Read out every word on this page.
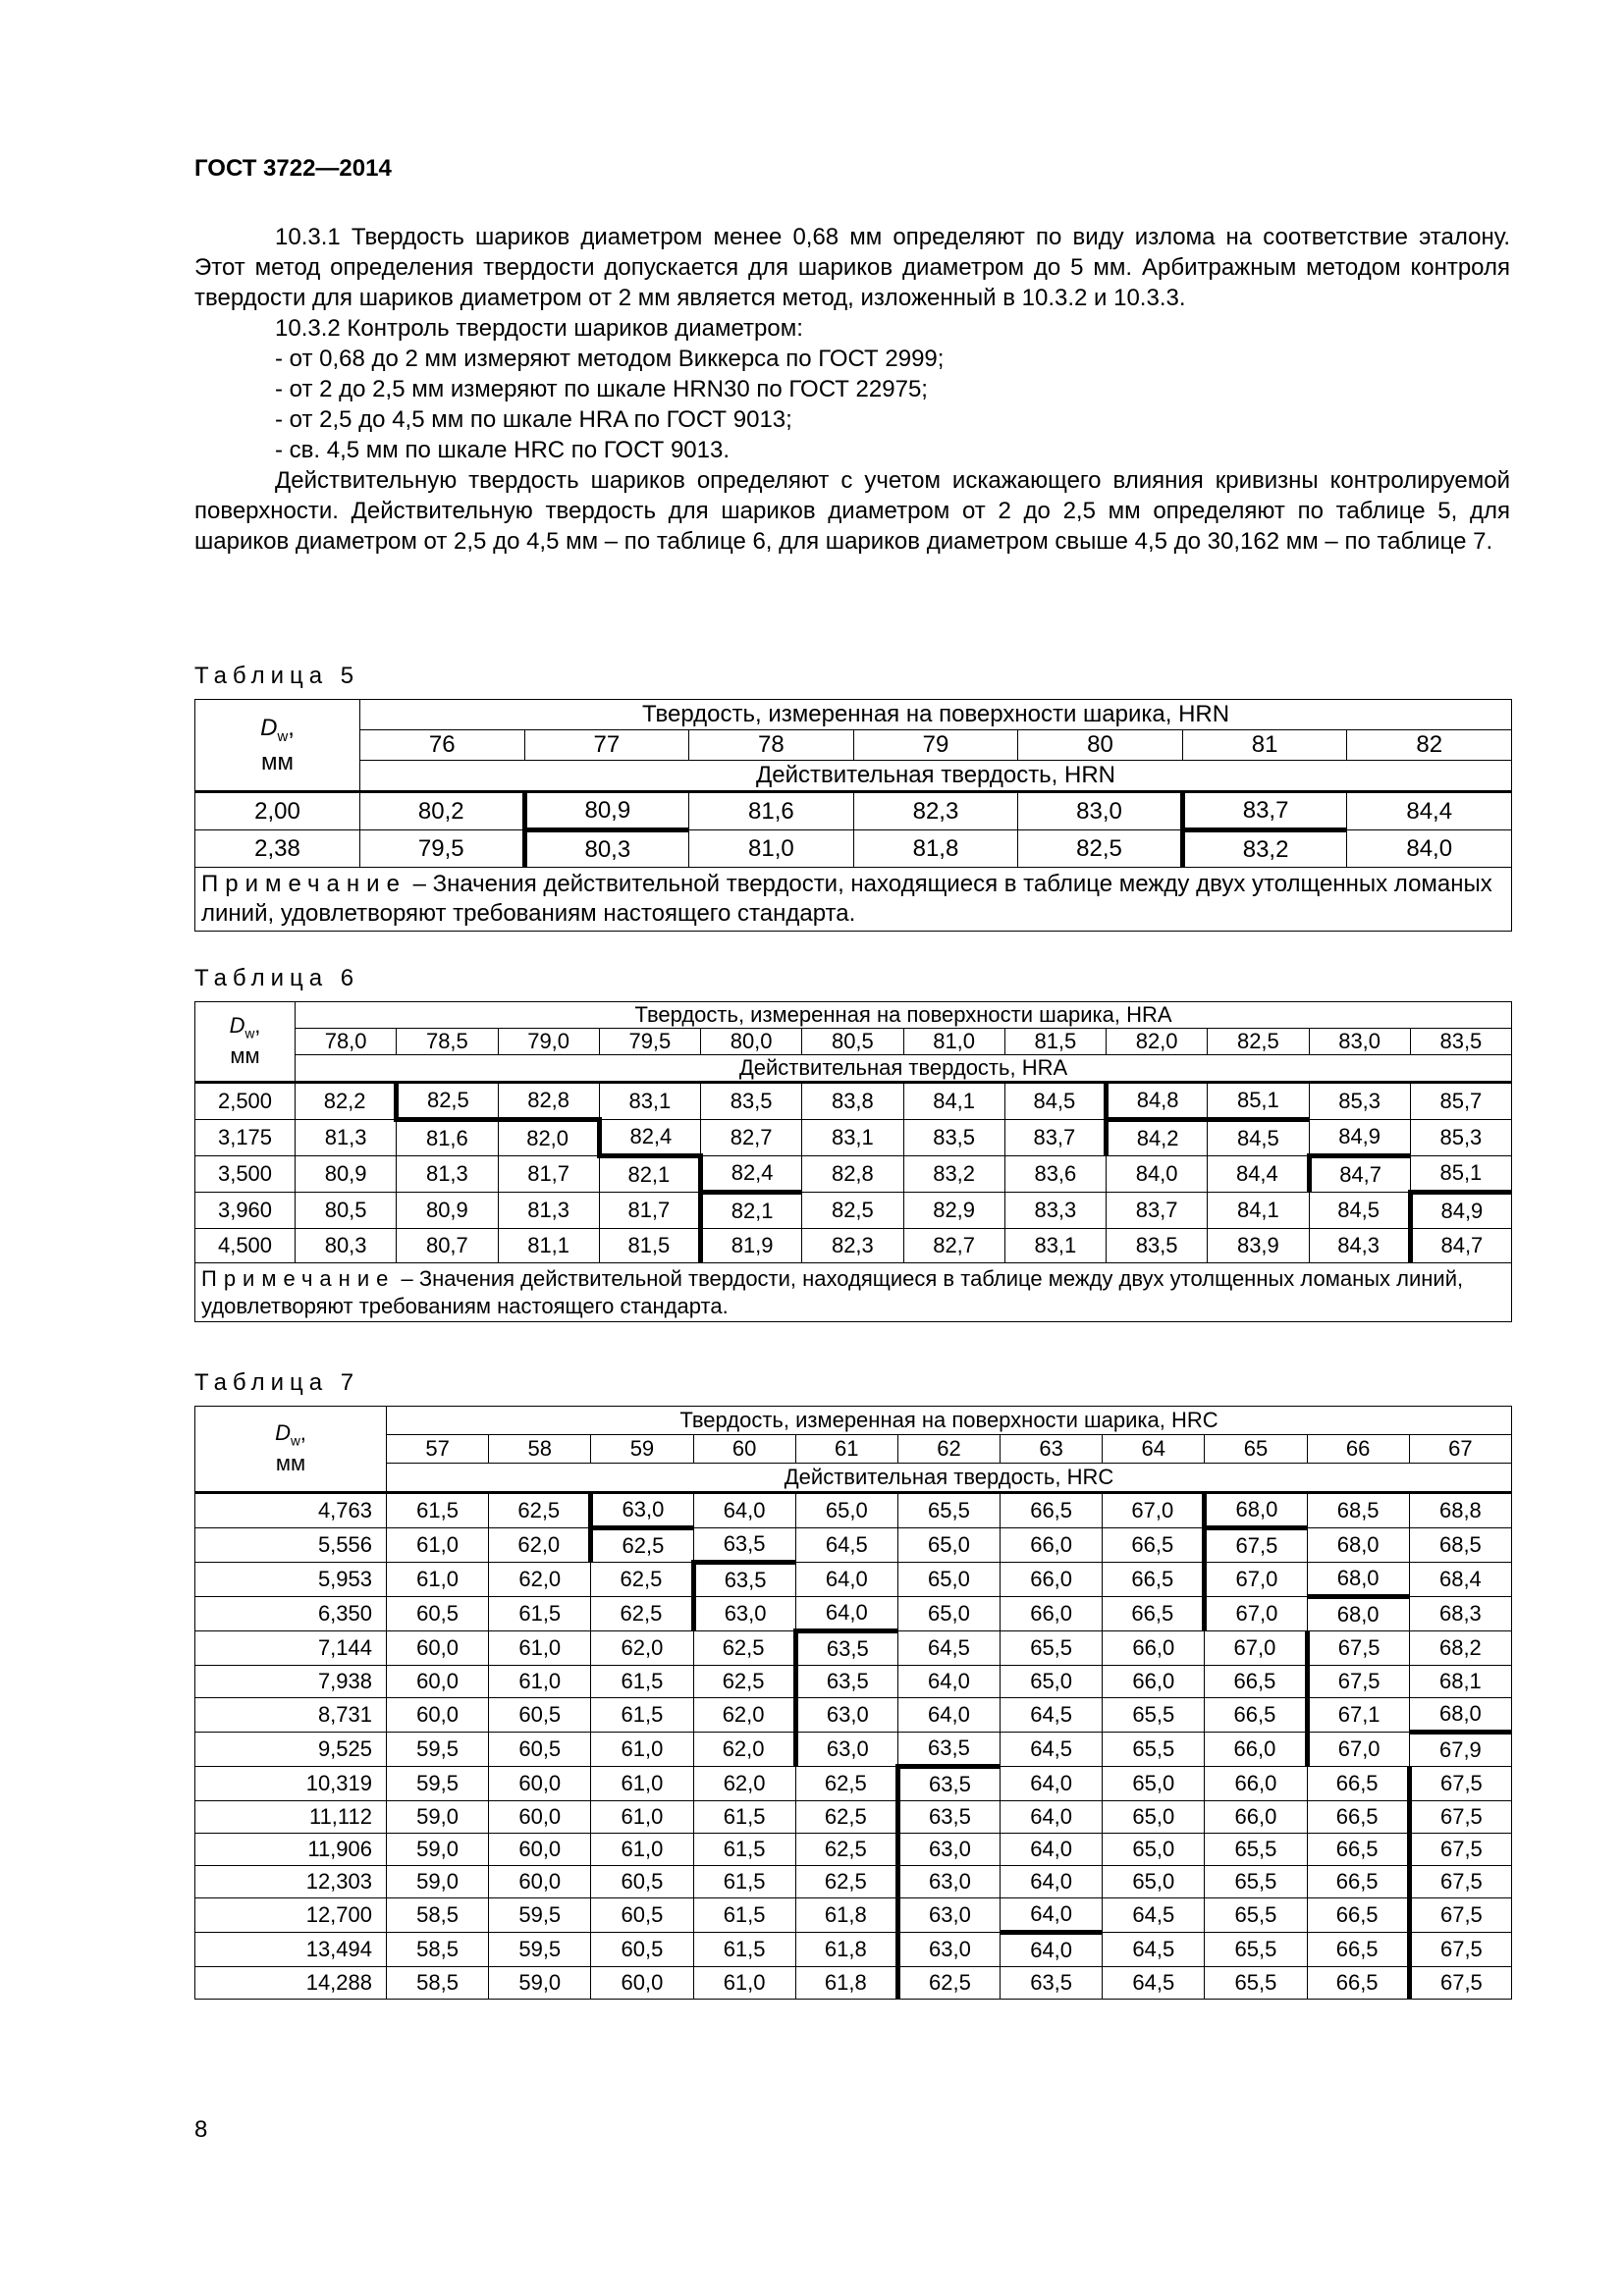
ГОСТ 3722—2014

10.3.1 Твердость шариков диаметром менее 0,68 мм определяют по виду излома на соответствие эталону. Этот метод определения твердости допускается для шариков диаметром до 5 мм. Арбитражным методом контроля твердости для шариков диаметром от 2 мм является метод, изложенный в 10.3.2 и 10.3.3.

10.3.2 Контроль твердости шариков диаметром:

- от 0,68 до 2 мм измеряют методом Виккерса по ГОСТ 2999;

- от 2 до 2,5 мм измеряют по шкале HRN30 по ГОСТ 22975;

- от 2,5 до 4,5 мм по шкале HRA по ГОСТ 9013;

- св. 4,5 мм по шкале HRC по ГОСТ 9013.

Действительную твердость шариков определяют с учетом искажающего влияния кривизны контролируемой поверхности. Действительную твердость для шариков диаметром от 2 до 2,5 мм определяют по таблице 5, для шариков диаметром от 2,5 до 4,5 мм – по таблице 6, для шариков диаметром свыше 4,5 до 30,162 мм – по таблице 7.

Таблица 5
$D_w$,
мм	Твердость, измеренная на поверхности шарика, HRN						
	76	77	78	79	80	81	82
	Действительная твердость, HRN						
2,00	80,2	80,9	81,6	82,3	83,0	83,7	84,4
2,38	79,5	80,3	81,0	81,8	82,5	83,2	84,0
Примечание – Значения действительной твердости, находящиеся в таблице между двух утолщенных ломаных линий, удовлетворяют требованиям настоящего стандарта.							
Таблица 6
$D_w$,
мм	Твердость, измеренная на поверхности шарика, HRA											
	78,0	78,5	79,0	79,5	80,0	80,5	81,0	81,5	82,0	82,5	83,0	83,5
	Действительная твердость, HRA											
2,500	82,2	82,5	82,8	83,1	83,5	83,8	84,1	84,5	84,8	85,1	85,3	85,7
3,175	81,3	81,6	82,0	82,4	82,7	83,1	83,5	83,7	84,2	84,5	84,9	85,3
3,500	80,9	81,3	81,7	82,1	82,4	82,8	83,2	83,6	84,0	84,4	84,7	85,1
3,960	80,5	80,9	81,3	81,7	82,1	82,5	82,9	83,3	83,7	84,1	84,5	84,9
4,500	80,3	80,7	81,1	81,5	81,9	82,3	82,7	83,1	83,5	83,9	84,3	84,7
Примечание – Значения действительной твердости, находящиеся в таблице между двух утолщенных ломаных линий, удовлетворяют требованиям настоящего стандарта.												
Таблица 7
$D_w$,
мм	Твердость, измеренная на поверхности шарика, HRC										
	57	58	59	60	61	62	63	64	65	66	67
	Действительная твердость, HRC										
4,763	61,5	62,5	63,0	64,0	65,0	65,5	66,5	67,0	68,0	68,5	68,8
5,556	61,0	62,0	62,5	63,5	64,5	65,0	66,0	66,5	67,5	68,0	68,5
5,953	61,0	62,0	62,5	63,5	64,0	65,0	66,0	66,5	67,0	68,0	68,4
6,350	60,5	61,5	62,5	63,0	64,0	65,0	66,0	66,5	67,0	68,0	68,3
7,144	60,0	61,0	62,0	62,5	63,5	64,5	65,5	66,0	67,0	67,5	68,2
7,938	60,0	61,0	61,5	62,5	63,5	64,0	65,0	66,0	66,5	67,5	68,1
8,731	60,0	60,5	61,5	62,0	63,0	64,0	64,5	65,5	66,5	67,1	68,0
9,525	59,5	60,5	61,0	62,0	63,0	63,5	64,5	65,5	66,0	67,0	67,9
10,319	59,5	60,0	61,0	62,0	62,5	63,5	64,0	65,0	66,0	66,5	67,5
11,112	59,0	60,0	61,0	61,5	62,5	63,5	64,0	65,0	66,0	66,5	67,5
11,906	59,0	60,0	61,0	61,5	62,5	63,0	64,0	65,0	65,5	66,5	67,5
12,303	59,0	60,0	60,5	61,5	62,5	63,0	64,0	65,0	65,5	66,5	67,5
12,700	58,5	59,5	60,5	61,5	61,8	63,0	64,0	64,5	65,5	66,5	67,5
13,494	58,5	59,5	60,5	61,5	61,8	63,0	64,0	64,5	65,5	66,5	67,5
14,288	58,5	59,0	60,0	61,0	61,8	62,5	63,5	64,5	65,5	66,5	67,5
8
